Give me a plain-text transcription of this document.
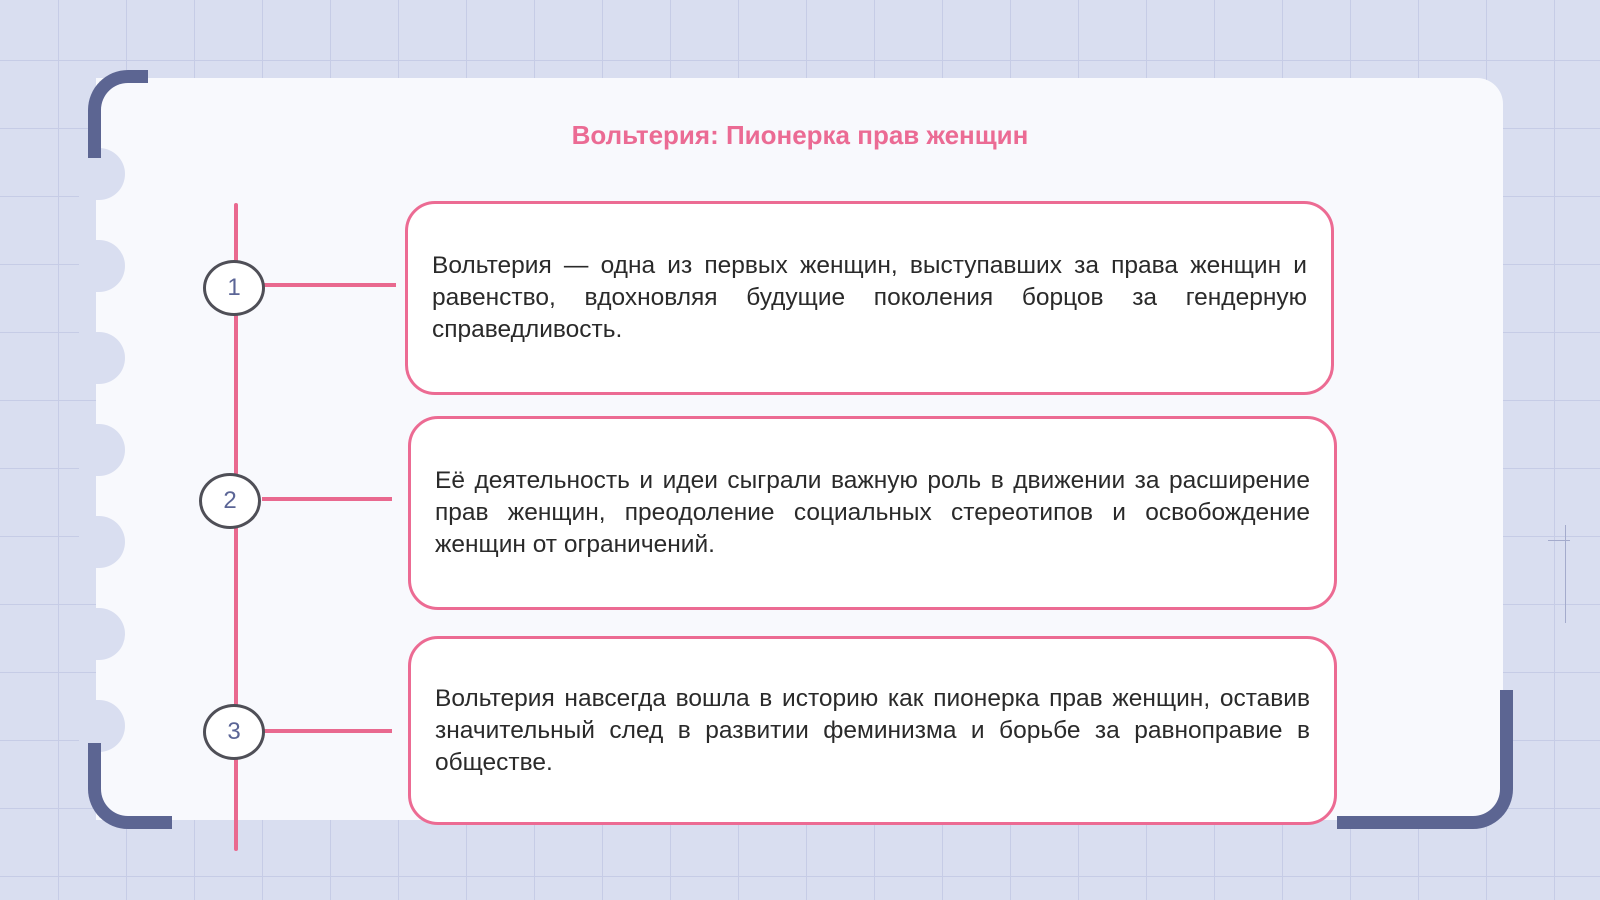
Вольтерия: Пионерка прав женщин
1
2
3

Вольтерия — одна из первых женщин, выступавших за права женщин и равенство, вдохновляя будущие поколения борцов за гендерную справедливость.

Её деятельность и идеи сыграли важную роль в движении за расширение прав женщин, преодоление социальных стереотипов и освобождение женщин от ограничений.

Вольтерия навсегда вошла в историю как пионерка прав женщин, оставив значительный след в развитии феминизма и борьбе за равноправие в обществе.
